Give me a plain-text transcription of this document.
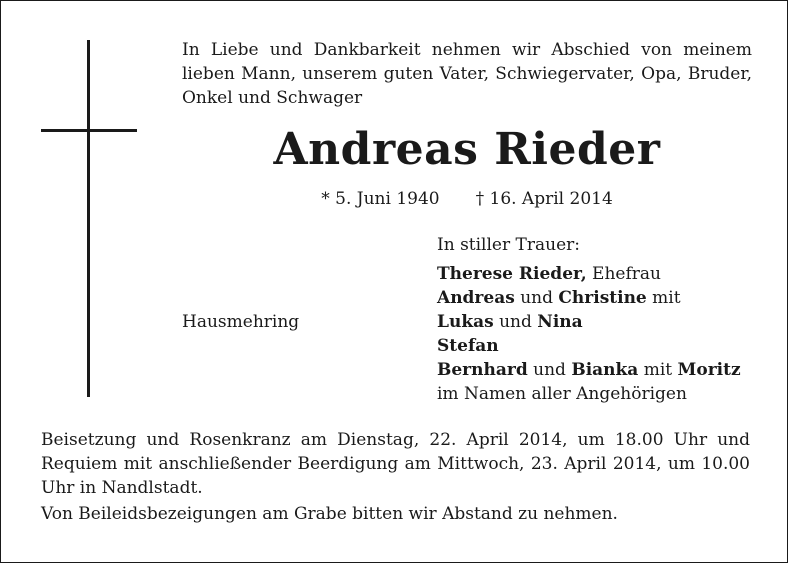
In Liebe und Dankbarkeit nehmen wir Abschied von meinem lieben Mann, unserem guten Vater, Schwiegervater, Opa, Bruder, Onkel und Schwager
Andreas Rieder
* 5. Juni 1940 † 16. April 2014
Hausmehring
In stiller Trauer:
Therese Rieder, Ehefrau
Andreas und Christine mit
Lukas und Nina
Stefan
Bernhard und Bianka mit Moritz
im Namen aller Angehörigen
Beisetzung und Rosenkranz am Dienstag, 22. April 2014, um 18.00 Uhr und Requiem mit anschließender Beerdigung am Mittwoch, 23. April 2014, um 10.00 Uhr in Nandlstadt.
Von Beileidsbezeigungen am Grabe bitten wir Abstand zu nehmen.
